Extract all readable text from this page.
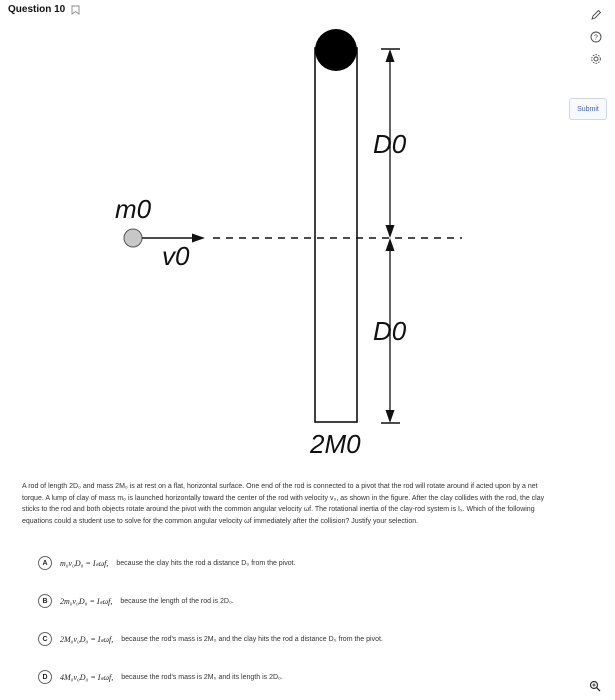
Question 10
?
Submit
m0
v0
D0
D0
2M0
A rod of length 2D₀ and mass 2M₀ is at rest on a flat, horizontal surface. One end of the rod is connected to a pivot that the rod will rotate around if acted upon by a net torque. A lump of clay of mass m₀ is launched horizontally toward the center of the rod with velocity v₀, as shown in the figure. After the clay collides with the rod, the clay sticks to the rod and both objects rotate around the pivot with the common angular velocity ωf. The rotational inertia of the clay-rod system is Iₛ. Which of the following equations could a student use to solve for the common angular velocity ωf immediately after the collision? Justify your selection.
A	m₀v₀D₀ = Iₛωf, because the clay hits the rod a distance D₀ from the pivot.
B	2m₀v₀D₀ = Iₛωf, because the length of the rod is 2D₀.
C	2M₀v₀D₀ = Iₛωf, because the rod's mass is 2M₀ and the clay hits the rod a distance D₀ from the pivot.
D	4M₀v₀D₀ = Iₛωf, because the rod's mass is 2M₀ and its length is 2D₀.
